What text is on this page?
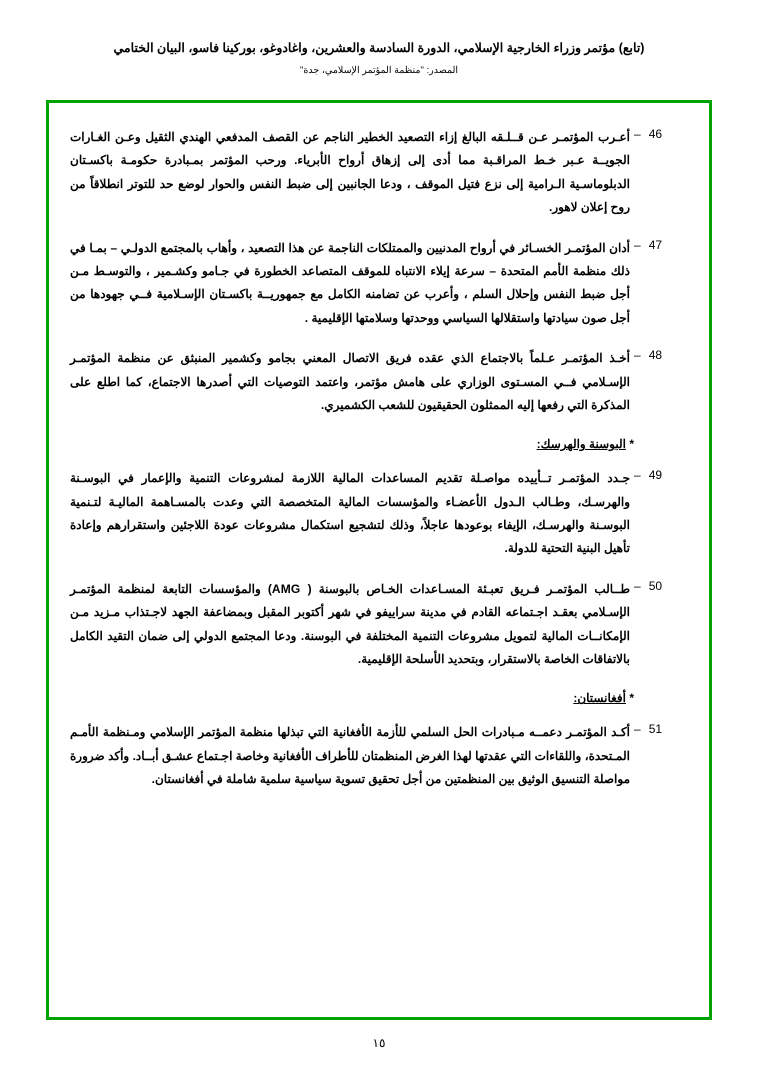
(تابع) مؤتمر وزراء الخارجية الإسلامي، الدورة السادسة والعشرين، واغادوغو، بوركينا فاسو، البيان الختامي
المصدر: "منظمة المؤتمر الإسلامي، جدة"
46–
أعـرب المؤتمـر عـن قــلـقه البالغ إزاء التصعيد الخطير الناجم عن القصف المدفعي الهندي الثقيل وعـن الغـارات الجويــة عـبر خـط المراقـبة مما أدى إلى إزهاق أرواح الأبرياء. ورحب المؤتمر بمـبادرة حكومـة باكسـتان الدبلوماسـية الـرامية إلى نزع فتيل الموقف ، ودعا الجانبين إلى ضبط النفس والحوار لوضع حد للتوتر انطلاقاً من روح إعلان لاهور.
47–
أدان المؤتمـر الخسـائر في أرواح المدنيين والممتلكات الناجمة عن هذا التصعيد ، وأهاب بالمجتمع الدولـي – بمـا في ذلك منظمة الأمم المتحدة – سرعة إيلاء الانتباه للموقف المتصاعد الخطورة في جـامو وكشـمير ، والتوسـط مـن أجل ضبط النفس وإحلال السلم ، وأعرب عن تضامنه الكامل مع جمهوريــة باكسـتان الإسـلامية فــي جهودها من أجل صون سيادتها واستقلالها السياسي ووحدتها وسلامتها الإقليمية .
48–
أخـذ المؤتمـر عـلماً بالاجتماع الذي عقده فريق الاتصال المعني بجامو وكشمير المنبثق عن منظمة المؤتمـر الإسـلامي فــي المسـتوى الوزاري على هامش مؤتمر، واعتمد التوصيات التي أصدرها الاجتماع، كما اطلع على المذكرة التي رفعها إليه الممثلون الحقيقيون للشعب الكشميري.
* البوسنة والهرسك:
49–
جـدد المؤتمـر تــأييده مواصـلة تقديم المساعدات المالية اللازمة لمشروعات التنمية والإعمار في البوسـنة والهرسـك، وطـالب الـدول الأعضـاء والمؤسسات المالية المتخصصة التي وعدت بالمسـاهمة الماليـة لتـنمية البوسـنة والهرسـك، الإيفاء بوعودها عاجلاً، وذلك لتشجيع استكمال مشروعات عودة اللاجئين واستقرارهم وإعادة تأهيل البنية التحتية للدولة.
50–
طــالب المؤتمـر فـريق تعبـئة المسـاعدات الخـاص بالبوسنة ( AMG) والمؤسسات التابعة لمنظمة المؤتمـر الإسـلامي بعقـد اجـتماعه القادم في مدينة سراييفو في شهر أكتوبر المقبل وبمضاعفة الجهد لاجـتذاب مـزيد مـن الإمكانــات المالية لتمويل مشروعات التنمية المختلفة في البوسنة. ودعا المجتمع الدولي إلى ضمان التقيد الكامل بالاتفاقات الخاصة بالاستقرار، وبتحديد الأسلحة الإقليمية.
* أفغانستان:
51–
أكـد المؤتمـر دعمــه مـبادرات الحل السلمي للأزمة الأفغانية التي تبذلها منظمة المؤتمر الإسلامي ومـنظمة الأمـم المـتحدة، واللقاءات التي عقدتها لهذا الغرض المنظمتان للأطراف الأفغانية وخاصة اجـتماع عشـق أبــاد. وأكد ضرورة مواصلة التنسيق الوثيق بين المنظمتين من أجل تحقيق تسوية سياسية سلمية شاملة في أفغانستان.
١٥
